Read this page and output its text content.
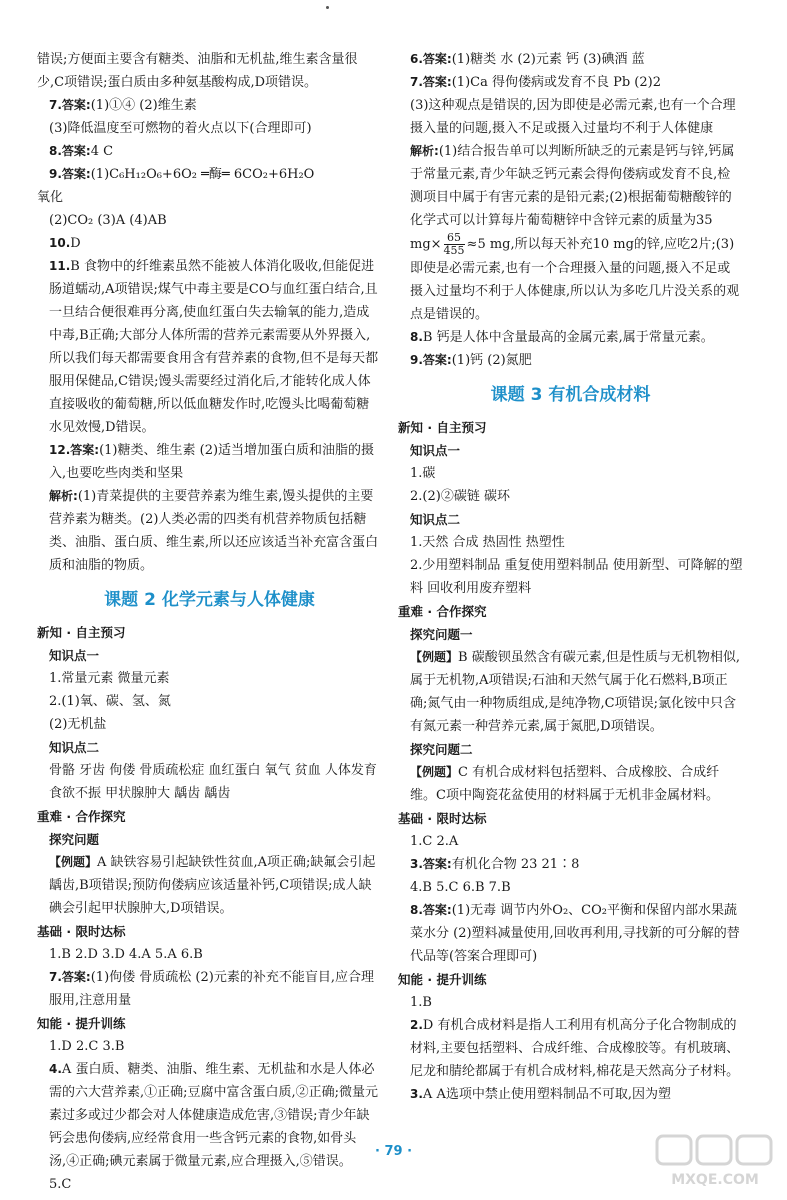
错误;方便面主要含有糖类、油脂和无机盐,维生素含量很少,C项错误;蛋白质由多种氨基酸构成,D项错误。

7.答案:(1)①④ (2)维生素

(3)降低温度至可燃物的着火点以下(合理即可)

8.答案:4 C

9.答案:(1)C₆H₁₂O₆+6O₂ ═酶═ 6CO₂+6H₂O

氧化

(2)CO₂ (3)A (4)AB

10.D

11.B 食物中的纤维素虽然不能被人体消化吸收,但能促进肠道蠕动,A项错误;煤气中毒主要是CO与血红蛋白结合,且一旦结合便很难再分离,使血红蛋白失去输氧的能力,造成中毒,B正确;大部分人体所需的营养元素需要从外界摄入,所以我们每天都需要食用含有营养素的食物,但不是每天都服用保健品,C错误;馒头需要经过消化后,才能转化成人体直接吸收的葡萄糖,所以低血糖发作时,吃馒头比喝葡萄糖水见效慢,D错误。

12.答案:(1)糖类、维生素 (2)适当增加蛋白质和油脂的摄入,也要吃些肉类和坚果

解析:(1)青菜提供的主要营养素为维生素,馒头提供的主要营养素为糖类。(2)人类必需的四类有机营养物质包括糖类、油脂、蛋白质、维生素,所以还应该适当补充富含蛋白质和油脂的物质。

课题 2 化学元素与人体健康

新知 · 自主预习

知识点一

1.常量元素 微量元素

2.(1)氧、碳、氢、氮

(2)无机盐

知识点二

骨骼 牙齿 佝偻 骨质疏松症 血红蛋白 氧气 贫血 人体发育 食欲不振 甲状腺肿大 龋齿 龋齿

重难 · 合作探究

探究问题

【例题】A 缺铁容易引起缺铁性贫血,A项正确;缺氟会引起龋齿,B项错误;预防佝偻病应该适量补钙,C项错误;成人缺碘会引起甲状腺肿大,D项错误。

基础 · 限时达标

1.B 2.D 3.D 4.A 5.A 6.B

7.答案:(1)佝偻 骨质疏松 (2)元素的补充不能盲目,应合理服用,注意用量

知能 · 提升训练

1.D 2.C 3.B

4.A 蛋白质、糖类、油脂、维生素、无机盐和水是人体必需的六大营养素,①正确;豆腐中富含蛋白质,②正确;微量元素过多或过少都会对人体健康造成危害,③错误;青少年缺钙会患佝偻病,应经常食用一些含钙元素的食物,如骨头汤,④正确;碘元素属于微量元素,应合理摄入,⑤错误。

5.C

6.答案:(1)糖类 水 (2)元素 钙 (3)碘酒 蓝

7.答案:(1)Ca 得佝偻病或发育不良 Pb (2)2

(3)这种观点是错误的,因为即使是必需元素,也有一个合理摄入量的问题,摄入不足或摄入过量均不利于人体健康

解析:(1)结合报告单可以判断所缺乏的元素是钙与锌,钙属于常量元素,青少年缺乏钙元素会得佝偻病或发育不良,检测项目中属于有害元素的是铅元素;(2)根据葡萄糖酸锌的化学式可以计算每片葡萄糖锌中含锌元素的质量为35 $mg\times \frac{65}{455} \approx 5$ mg,所以每天补充10 mg的锌,应吃2片;(3)即使是必需元素,也有一个合理摄入量的问题,摄入不足或摄入过量均不利于人体健康,所以认为多吃几片没关系的观点是错误的。

8.B 钙是人体中含量最高的金属元素,属于常量元素。

9.答案:(1)钙 (2)氮肥

课题 3 有机合成材料

新知 · 自主预习

知识点一

1.碳

2.(2)②碳链 碳环

知识点二

1.天然 合成 热固性 热塑性

2.少用塑料制品 重复使用塑料制品 使用新型、可降解的塑料 回收利用废弃塑料

重难 · 合作探究

探究问题一

【例题】B 碳酸钡虽然含有碳元素,但是性质与无机物相似,属于无机物,A项错误;石油和天然气属于化石燃料,B项正确;氮气由一种物质组成,是纯净物,C项错误;氯化铵中只含有氮元素一种营养元素,属于氮肥,D项错误。

探究问题二

【例题】C 有机合成材料包括塑料、合成橡胶、合成纤维。C项中陶瓷花盆使用的材料属于无机非金属材料。

基础 · 限时达标

1.C 2.A

3.答案:有机化合物 23 21∶8

4.B 5.C 6.B 7.B

8.答案:(1)无毒 调节内外O₂、CO₂平衡和保留内部水果蔬菜水分 (2)塑料减量使用,回收再利用,寻找新的可分解的替代品等(答案合理即可)

知能 · 提升训练

1.B

2.D 有机合成材料是指人工利用有机高分子化合物制成的材料,主要包括塑料、合成纤维、合成橡胶等。有机玻璃、尼龙和腈纶都属于有机合成材料,棉花是天然高分子材料。

3.A A选项中禁止使用塑料制品不可取,因为塑

· 79 ·
MXQE.COM
